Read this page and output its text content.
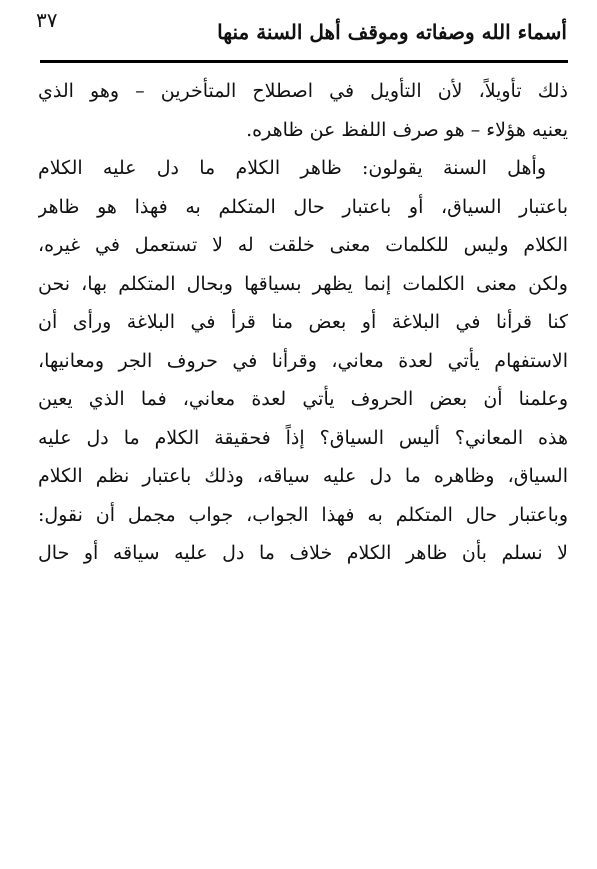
٣٧	أسماء الله وصفاته وموقف أهل السنة منها
ذلك تأويلاً، لأن التأويل في اصطلاح المتأخرين – وهو الذي
يعنيه هؤلاء – هو صرف اللفظ عن ظاهره.
وأهل السنة يقولون: ظاهر الكلام ما دل عليه الكلام
باعتبار السياق، أو باعتبار حال المتكلم به فهذا هو ظاهر
الكلام وليس للكلمات معنى خلقت له لا تستعمل في غيره،
ولكن معنى الكلمات إنما يظهر بسياقها وبحال المتكلم بها، نحن
كنا قرأنا في البلاغة أو بعض منا قرأ في البلاغة ورأى أن
الاستفهام يأتي لعدة معاني، وقرأنا في حروف الجر ومعانيها،
وعلمنا أن بعض الحروف يأتي لعدة معاني، فما الذي يعين
هذه المعاني؟ أليس السياق؟ إذاً فحقيقة الكلام ما دل عليه
السياق، وظاهره ما دل عليه سياقه، وذلك باعتبار نظم الكلام
وباعتبار حال المتكلم به فهذا الجواب، جواب مجمل أن نقول:
لا نسلم بأن ظاهر الكلام خلاف ما دل عليه سياقه أو حال
